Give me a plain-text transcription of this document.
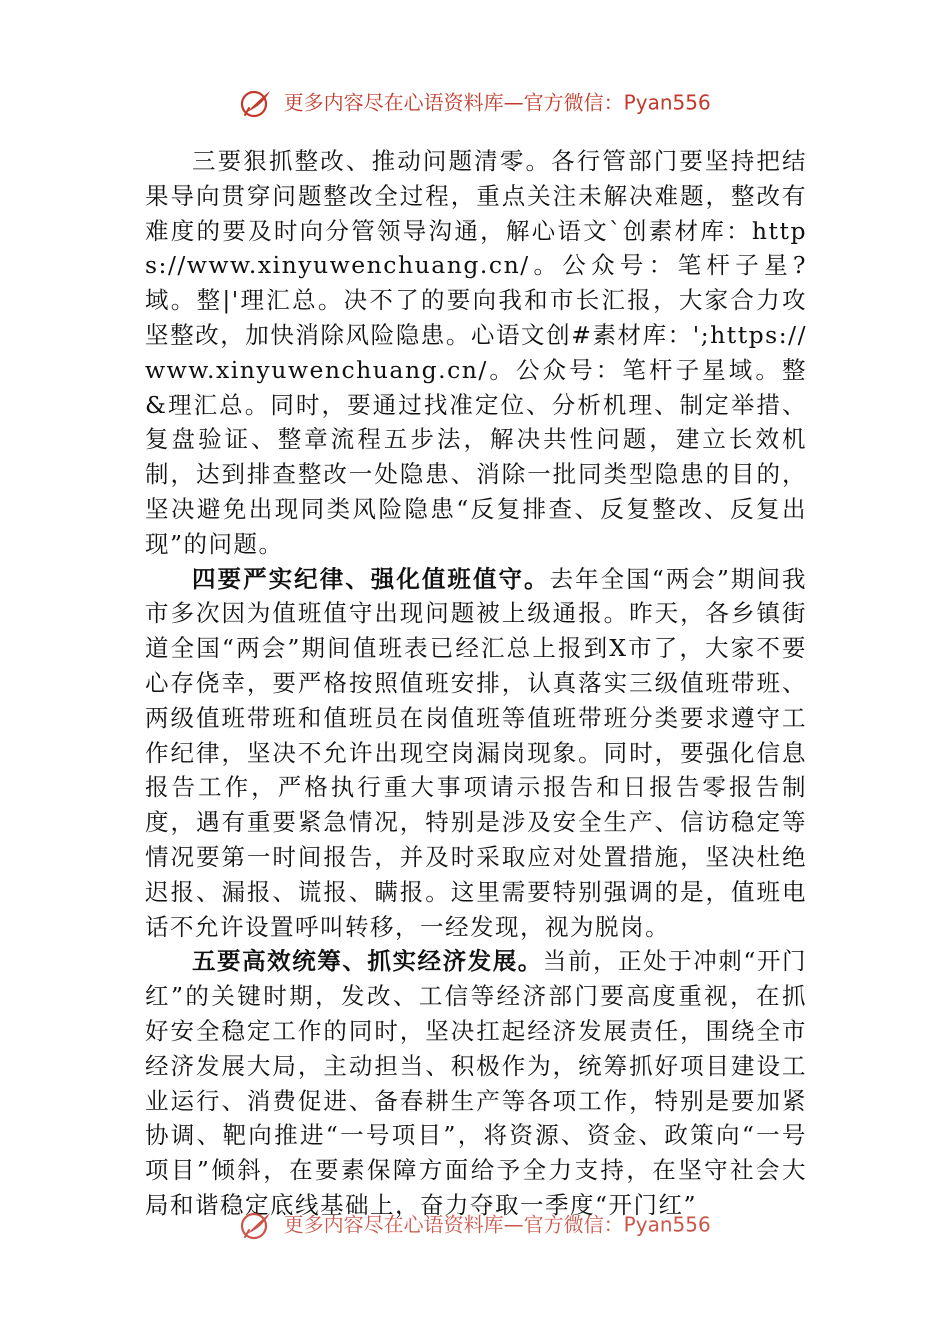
更多内容尽在心语资料库—官方微信：Pyan556

三要狠抓整改、推动问题清零。各行管部门要坚持把结果导向贯穿问题整改全过程，重点关注未解决难题，整改有难度的要及时向分管领导沟通，解心语文`创素材库：https://www.xinyuwenchuang.cn/。公众号：笔杆子星?域。整|'理汇总。决不了的要向我和市长汇报，大家合力攻坚整改，加快消除风险隐患。心语文创#素材库：';https://www.xinyuwenchuang.cn/。公众号：笔杆子星域。整&理汇总。同时，要通过找准定位、分析机理、制定举措、复盘验证、整章流程五步法，解决共性问题，建立长效机制，达到排查整改一处隐患、消除一批同类型隐患的目的，坚决避免出现同类风险隐患“反复排查、反复整改、反复出现”的问题。

四要严实纪律、强化值班值守。去年全国“两会”期间我市多次因为值班值守出现问题被上级通报。昨天，各乡镇街道全国“两会”期间值班表已经汇总上报到X市了，大家不要心存侥幸，要严格按照值班安排，认真落实三级值班带班、两级值班带班和值班员在岗值班等值班带班分类要求遵守工作纪律，坚决不允许出现空岗漏岗现象。同时，要强化信息报告工作，严格执行重大事项请示报告和日报告零报告制度，遇有重要紧急情况，特别是涉及安全生产、信访稳定等情况要第一时间报告，并及时采取应对处置措施，坚决杜绝迟报、漏报、谎报、瞒报。这里需要特别强调的是，值班电话不允许设置呼叫转移，一经发现，视为脱岗。

五要高效统筹、抓实经济发展。当前，正处于冲刺“开门红”的关键时期，发改、工信等经济部门要高度重视，在抓好安全稳定工作的同时，坚决扛起经济发展责任，围绕全市经济发展大局，主动担当、积极作为，统筹抓好项目建设工业运行、消费促进、备春耕生产等各项工作，特别是要加紧协调、靶向推进“一号项目”，将资源、资金、政策向“一号项目”倾斜，在要素保障方面给予全力支持，在坚守社会大局和谐稳定底线基础上，奋力夺取一季度“开门红”

更多内容尽在心语资料库—官方微信：Pyan556
